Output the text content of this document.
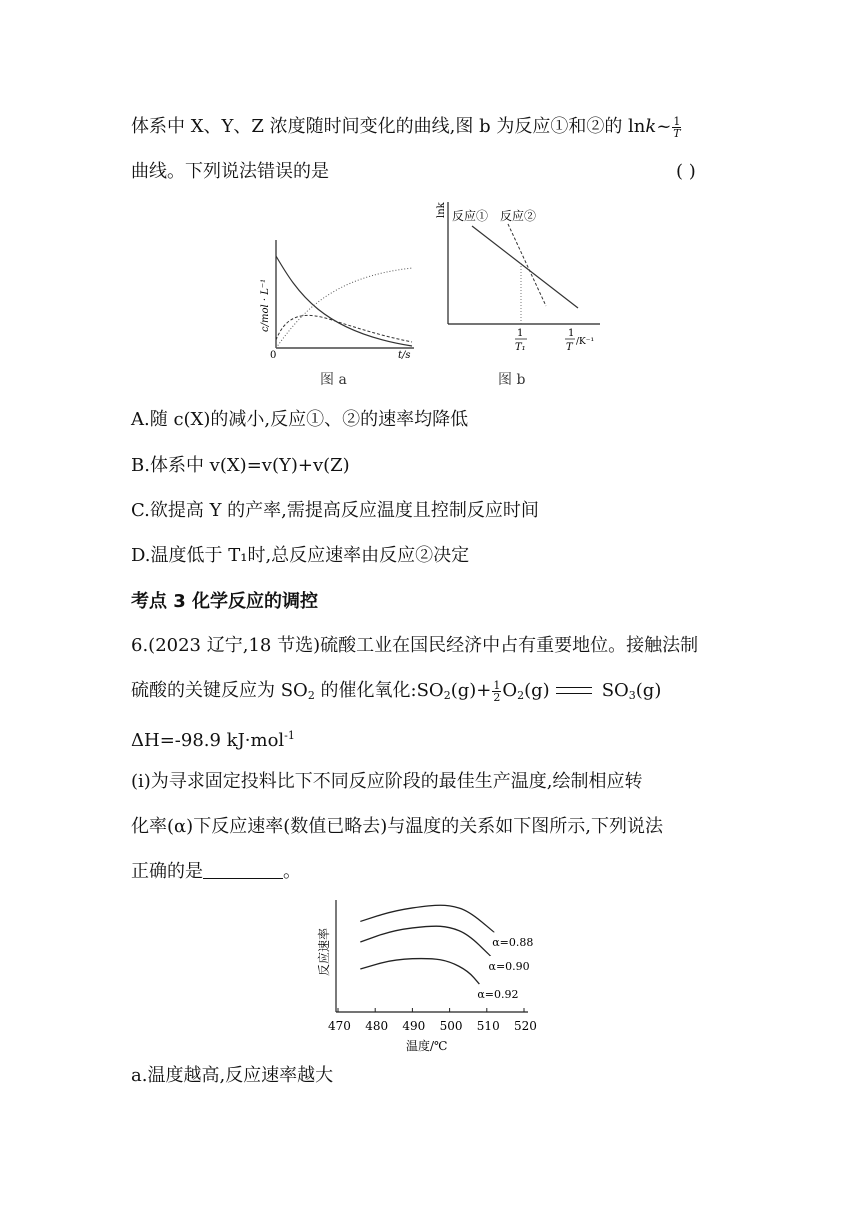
体系中 X、Y、Z 浓度随时间变化的曲线,图 b 为反应①和②的 lnk~ $\frac{1}{T}$
曲线。下列说法错误的是	( )
c/mol · L⁻¹
0	t/s
图 a
lnk 反应① 反应②
1
T₁
1
T /K⁻¹
图 b
A.随 c(X)的减小,反应①、②的速率均降低
B.体系中 v(X)=v(Y)+v(Z)
C.欲提高 Y 的产率,需提高反应温度且控制反应时间
D.温度低于 T₁时,总反应速率由反应②决定
考点 3 化学反应的调控
6.(2023 辽宁,18 节选)硫酸工业在国民经济中占有重要地位。接触法制
硫酸的关键反应为 $SO_2$ 的催化氧化$:SO_2(g)+ \frac{1}{2} O_2(g)$	$SO_3(g)$
ΔH=-98.9 kJ·mol$^{-1}$
(ⅰ)为寻求固定投料比下不同反应阶段的最佳生产温度,绘制相应转
化率(α)下反应速率(数值已略去)与温度的关系如下图所示,下列说法
正确的是	。
反应速率
470 480 490 500 510 520
α=0.88
α=0.90
α=0.92
温度/℃
a.温度越高,反应速率越大
